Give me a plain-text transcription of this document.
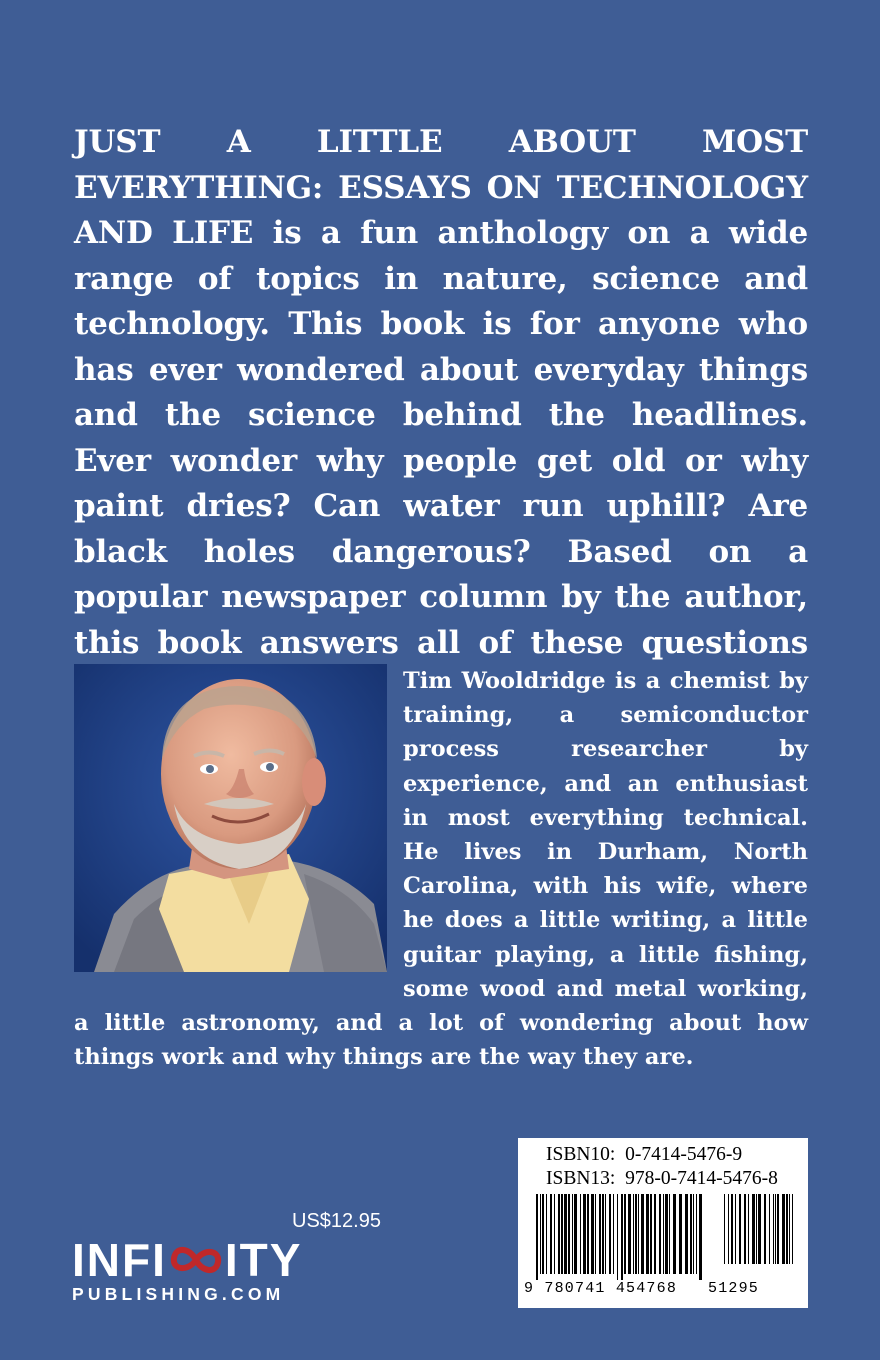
JUST A LITTLE ABOUT MOST EVERYTHING: ESSAYS ON TECHNOLOGY AND LIFE is a fun anthology on a wide range of topics in nature, science and technology. This book is for anyone who has ever wondered about everyday things and the science behind the headlines. Ever wonder why people get old or why paint dries? Can water run uphill? Are black holes dangerous? Based on a popular newspaper column by the author, this book answers all of these questions
Tim Wooldridge is a chemist by training, a semiconductor process researcher by experience, and an enthusiast in most everything technical. He lives in Durham, North Carolina, with his wife, where he does a little writing, a little guitar playing, a little fishing, some wood and metal working, a little astronomy, and a lot of wondering about how things work and why things are the way they are.
ISBN10: 0-7414-5476-9
ISBN13: 978-0-7414-5476-8
9 780741 454768 51295
US$12.95
INFI ITY
PUBLISHING.COM
